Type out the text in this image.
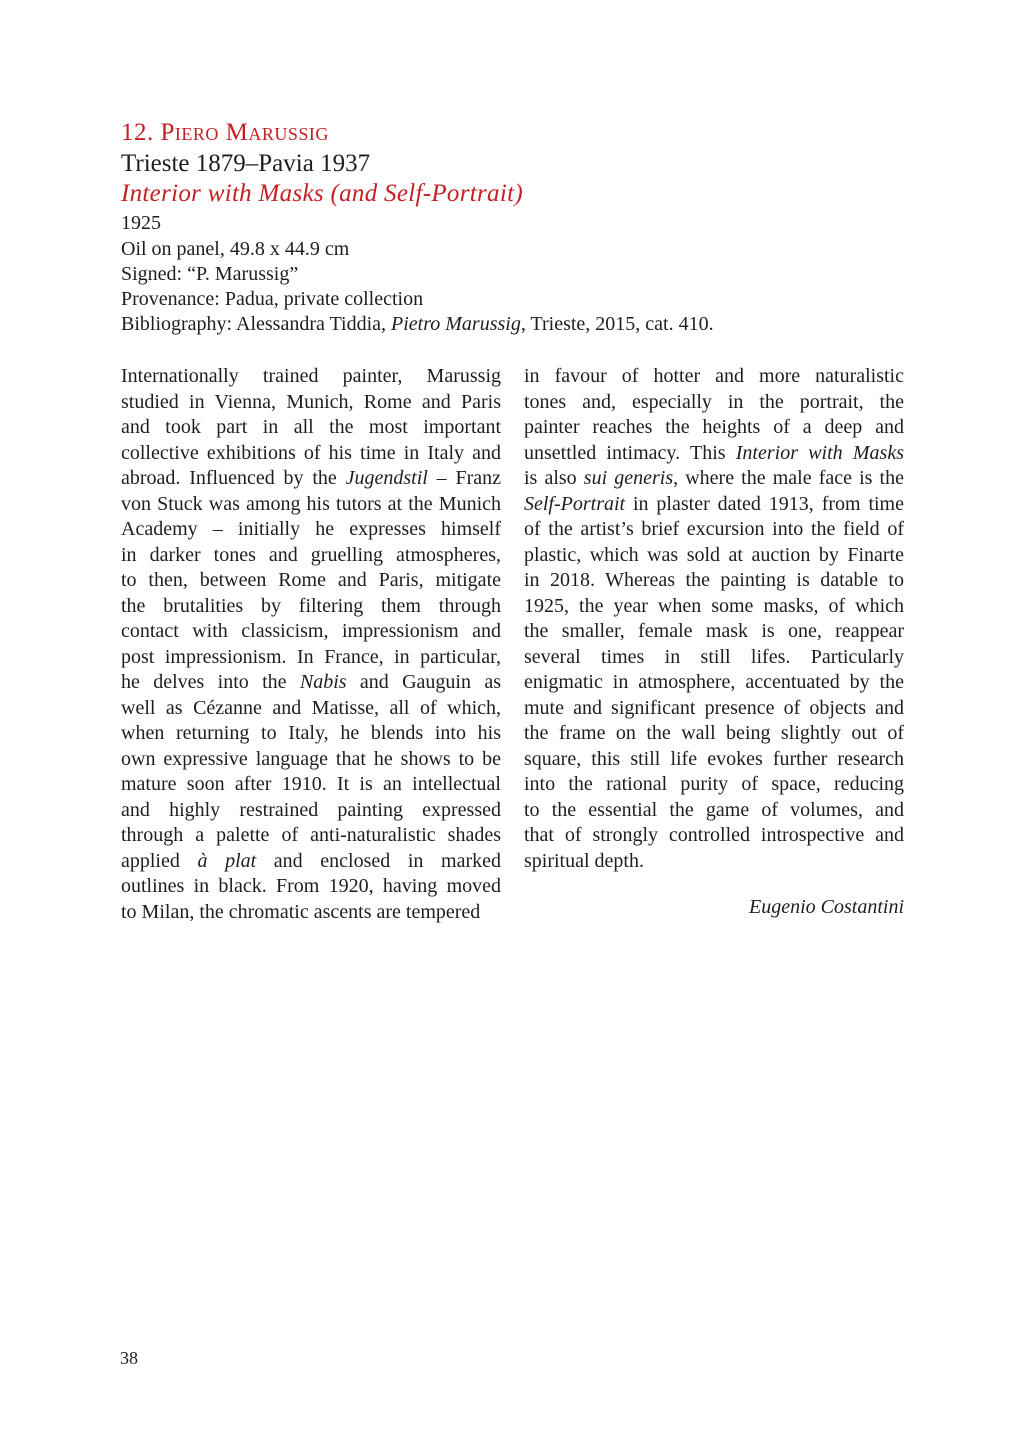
12. Piero Marussig
Trieste 1879–Pavia 1937
Interior with Masks (and Self-Portrait)
1925
Oil on panel, 49.8 x 44.9 cm
Signed: “P. Marussig”
Provenance: Padua, private collection
Bibliography: Alessandra Tiddia, Pietro Marussig, Trieste, 2015, cat. 410.
Internationally trained painter, Marussig
studied in Vienna, Munich, Rome and Paris
and took part in all the most important
collective exhibitions of his time in Italy and
abroad. Influenced by the Jugendstil – Franz
von Stuck was among his tutors at the Munich
Academy – initially he expresses himself
in darker tones and gruelling atmospheres,
to then, between Rome and Paris, mitigate
the brutalities by filtering them through
contact with classicism, impressionism and
post impressionism. In France, in particular,
he delves into the Nabis and Gauguin as
well as Cézanne and Matisse, all of which,
when returning to Italy, he blends into his
own expressive language that he shows to be
mature soon after 1910. It is an intellectual
and highly restrained painting expressed
through a palette of anti-naturalistic shades
applied à plat and enclosed in marked
outlines in black. From 1920, having moved
to Milan, the chromatic ascents are tempered
in favour of hotter and more naturalistic
tones and, especially in the portrait, the
painter reaches the heights of a deep and
unsettled intimacy. This Interior with Masks
is also sui generis, where the male face is the
Self-Portrait in plaster dated 1913, from time
of the artist’s brief excursion into the field of
plastic, which was sold at auction by Finarte
in 2018. Whereas the painting is datable to
1925, the year when some masks, of which
the smaller, female mask is one, reappear
several times in still lifes. Particularly
enigmatic in atmosphere, accentuated by the
mute and significant presence of objects and
the frame on the wall being slightly out of
square, this still life evokes further research
into the rational purity of space, reducing
to the essential the game of volumes, and
that of strongly controlled introspective and
spiritual depth.
Eugenio Costantini
38
